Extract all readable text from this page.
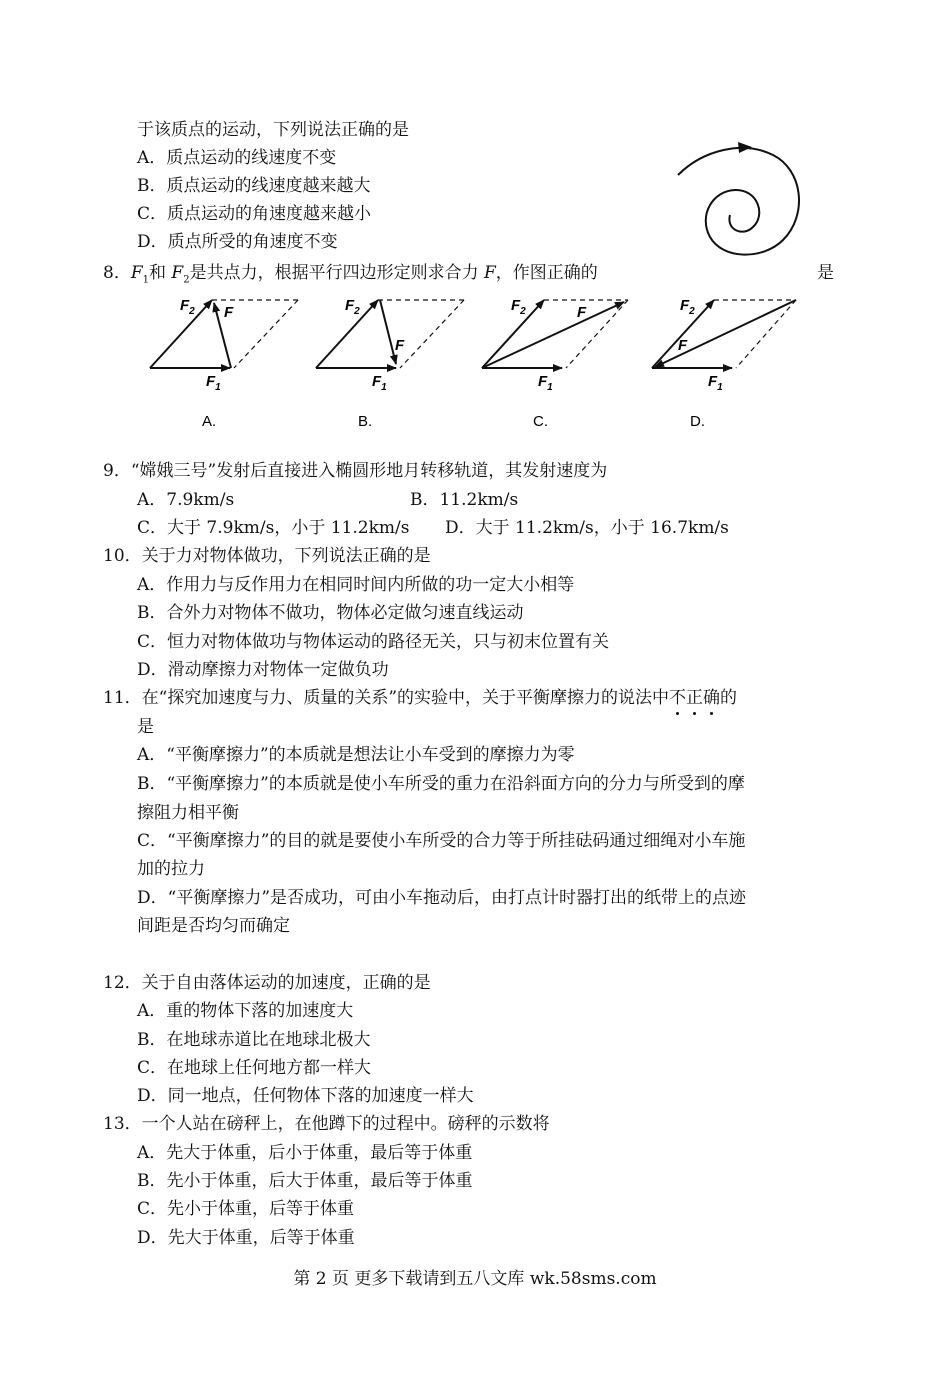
于该质点的运动，下列说法正确的是
A．质点运动的线速度不变
B．质点运动的线速度越来越大
C．质点运动的角速度越来越小
D．质点所受的角速度不变
8．$F_1$和 $F_2$是共点力，根据平行四边形定则求合力 F，作图正确的	是
$F_2$ F
$F_1$
A.
$F_2$
F
$F_1$
B.
$F_2$	F
$F_1$
C.
$F_2$
F
$F_1$
D.
9．“嫦娥三号”发射后直接进入椭圆形地月转移轨道，其发射速度为
A．7.9km/s	B．11.2km/s
C．大于 7.9km/s，小于 11.2km/s D．大于 11.2km/s，小于 16.7km/s
10．关于力对物体做功，下列说法正确的是
A．作用力与反作用力在相同时间内所做的功一定大小相等
B．合外力对物体不做功，物体必定做匀速直线运动
C．恒力对物体做功与物体运动的路径无关，只与初末位置有关
D．滑动摩擦力对物体一定做负功
11．在“探究加速度与力、质量的关系”的实验中，关于平衡摩擦力的说法中不
正
确
的
是
A．“平衡摩擦力”的本质就是想法让小车受到的摩擦力为零
B．“平衡摩擦力”的本质就是使小车所受的重力在沿斜面方向的分力与所受到的摩
擦阻力相平衡
C．“平衡摩擦力”的目的就是要使小车所受的合力等于所挂砝码通过细绳对小车施
加的拉力
D．“平衡摩擦力”是否成功，可由小车拖动后，由打点计时器打出的纸带上的点迹
间距是否均匀而确定
12．关于自由落体运动的加速度，正确的是
A．重的物体下落的加速度大
B．在地球赤道比在地球北极大
C．在地球上任何地方都一样大
D．同一地点，任何物体下落的加速度一样大
13．一个人站在磅秤上，在他蹲下的过程中。磅秤的示数将
A．先大于体重，后小于体重，最后等于体重
B．先小于体重，后大于体重，最后等于体重
C．先小于体重，后等于体重
D．先大于体重，后等于体重
第 2 页 更多下载请到五八文库 wk.58sms.com
